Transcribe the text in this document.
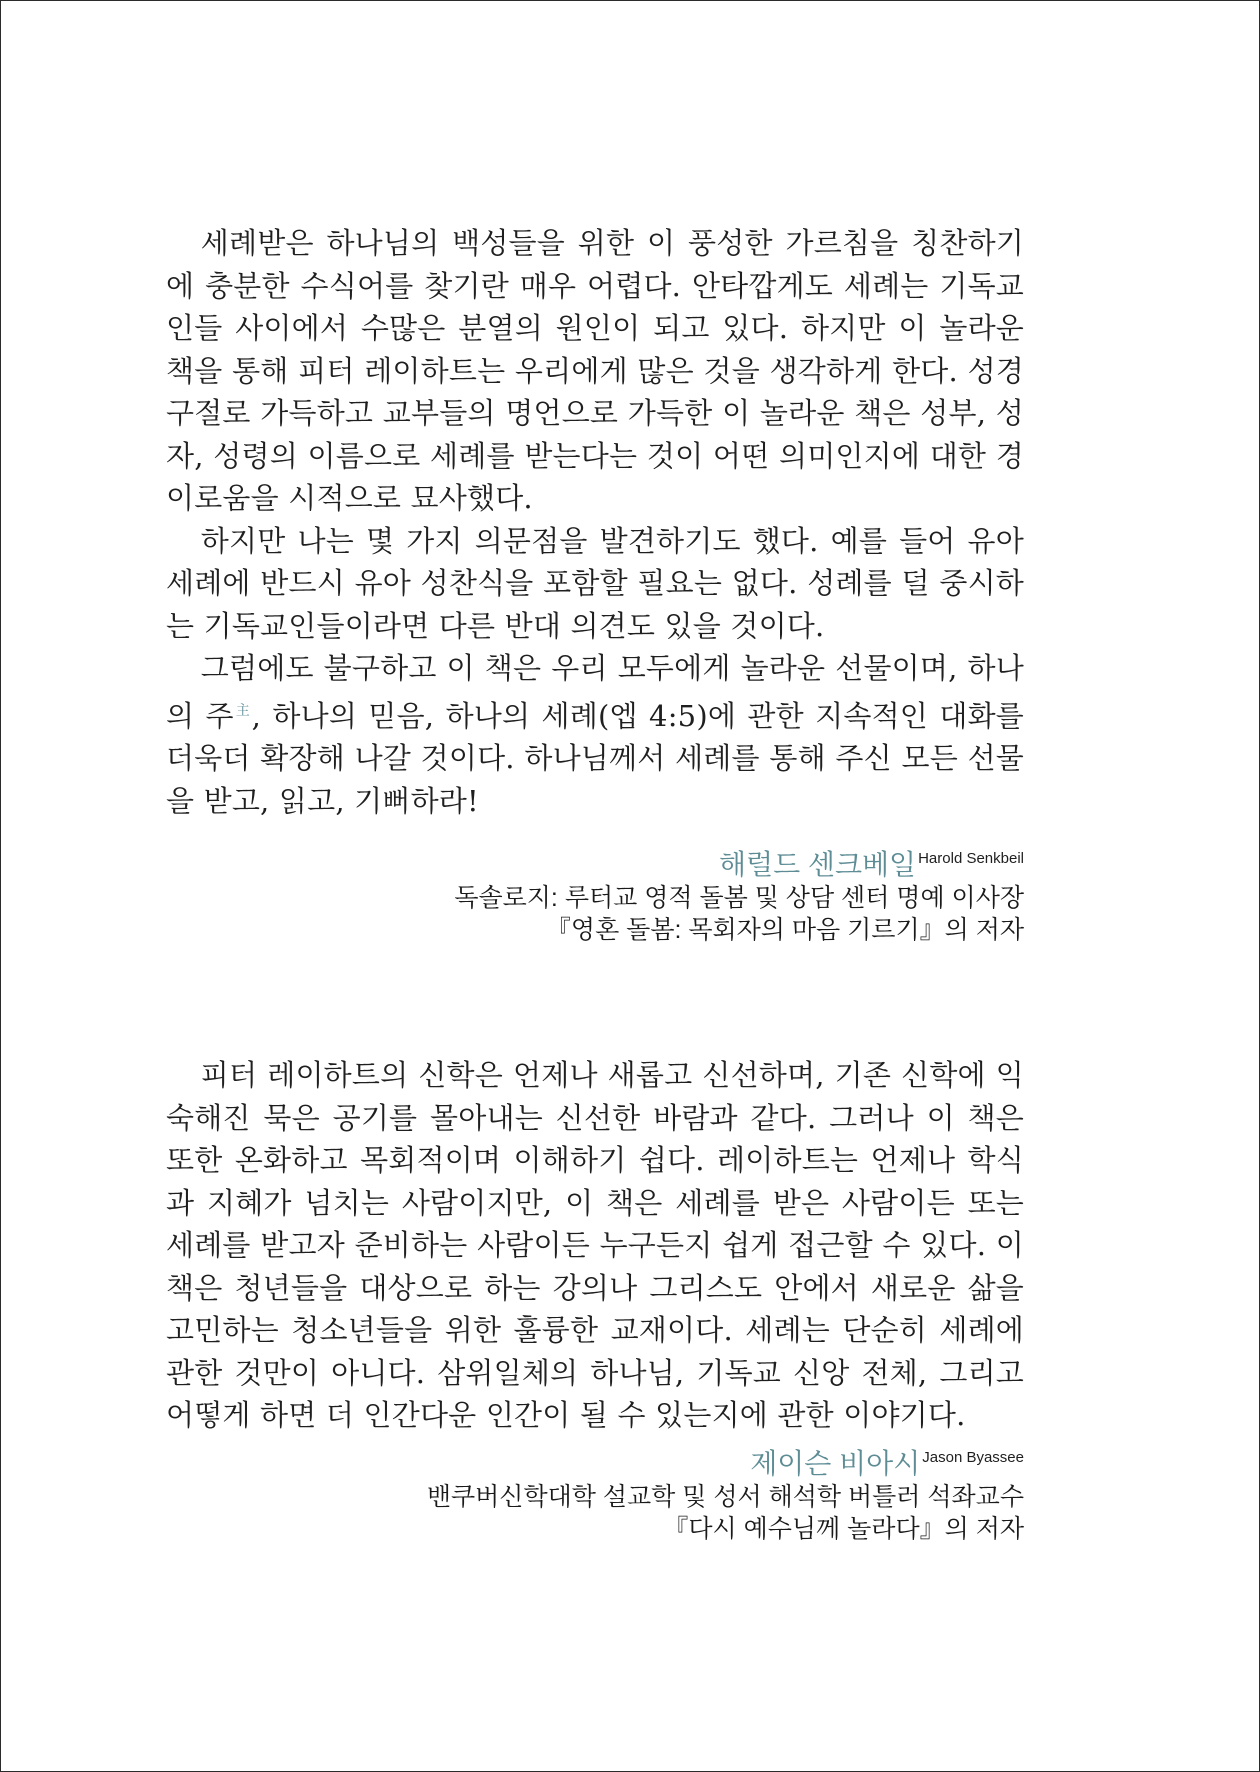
세례받은 하나님의 백성들을 위한 이 풍성한 가르침을 칭찬하기에 충분한 수식어를 찾기란 매우 어렵다. 안타깝게도 세례는 기독교인들 사이에서 수많은 분열의 원인이 되고 있다. 하지만 이 놀라운 책을 통해 피터 레이하트는 우리에게 많은 것을 생각하게 한다. 성경 구절로 가득하고 교부들의 명언으로 가득한 이 놀라운 책은 성부, 성자, 성령의 이름으로 세례를 받는다는 것이 어떤 의미인지에 대한 경이로움을 시적으로 묘사했다.

하지만 나는 몇 가지 의문점을 발견하기도 했다. 예를 들어 유아세례에 반드시 유아 성찬식을 포함할 필요는 없다. 성례를 덜 중시하는 기독교인들이라면 다른 반대 의견도 있을 것이다.

그럼에도 불구하고 이 책은 우리 모두에게 놀라운 선물이며, 하나의 주$^主$, 하나의 믿음, 하나의 세례(엡 4:5)에 관한 지속적인 대화를 더욱더 확장해 나갈 것이다. 하나님께서 세례를 통해 주신 모든 선물을 받고, 읽고, 기뻐하라!

해럴드 센크베일 $^{Harold Senkbeil}$
독솔로지: 루터교 영적 돌봄 및 상담 센터 명예 이사장
『영혼 돌봄: 목회자의 마음 기르기』의 저자

피터 레이하트의 신학은 언제나 새롭고 신선하며, 기존 신학에 익숙해진 묵은 공기를 몰아내는 신선한 바람과 같다. 그러나 이 책은 또한 온화하고 목회적이며 이해하기 쉽다. 레이하트는 언제나 학식과 지혜가 넘치는 사람이지만, 이 책은 세례를 받은 사람이든 또는 세례를 받고자 준비하는 사람이든 누구든지 쉽게 접근할 수 있다. 이 책은 청년들을 대상으로 하는 강의나 그리스도 안에서 새로운 삶을 고민하는 청소년들을 위한 훌륭한 교재이다. 세례는 단순히 세례에 관한 것만이 아니다. 삼위일체의 하나님, 기독교 신앙 전체, 그리고 어떻게 하면 더 인간다운 인간이 될 수 있는지에 관한 이야기다.

제이슨 비아시 $^{Jason Byassee}$
밴쿠버신학대학 설교학 및 성서 해석학 버틀러 석좌교수
『다시 예수님께 놀라다』의 저자
